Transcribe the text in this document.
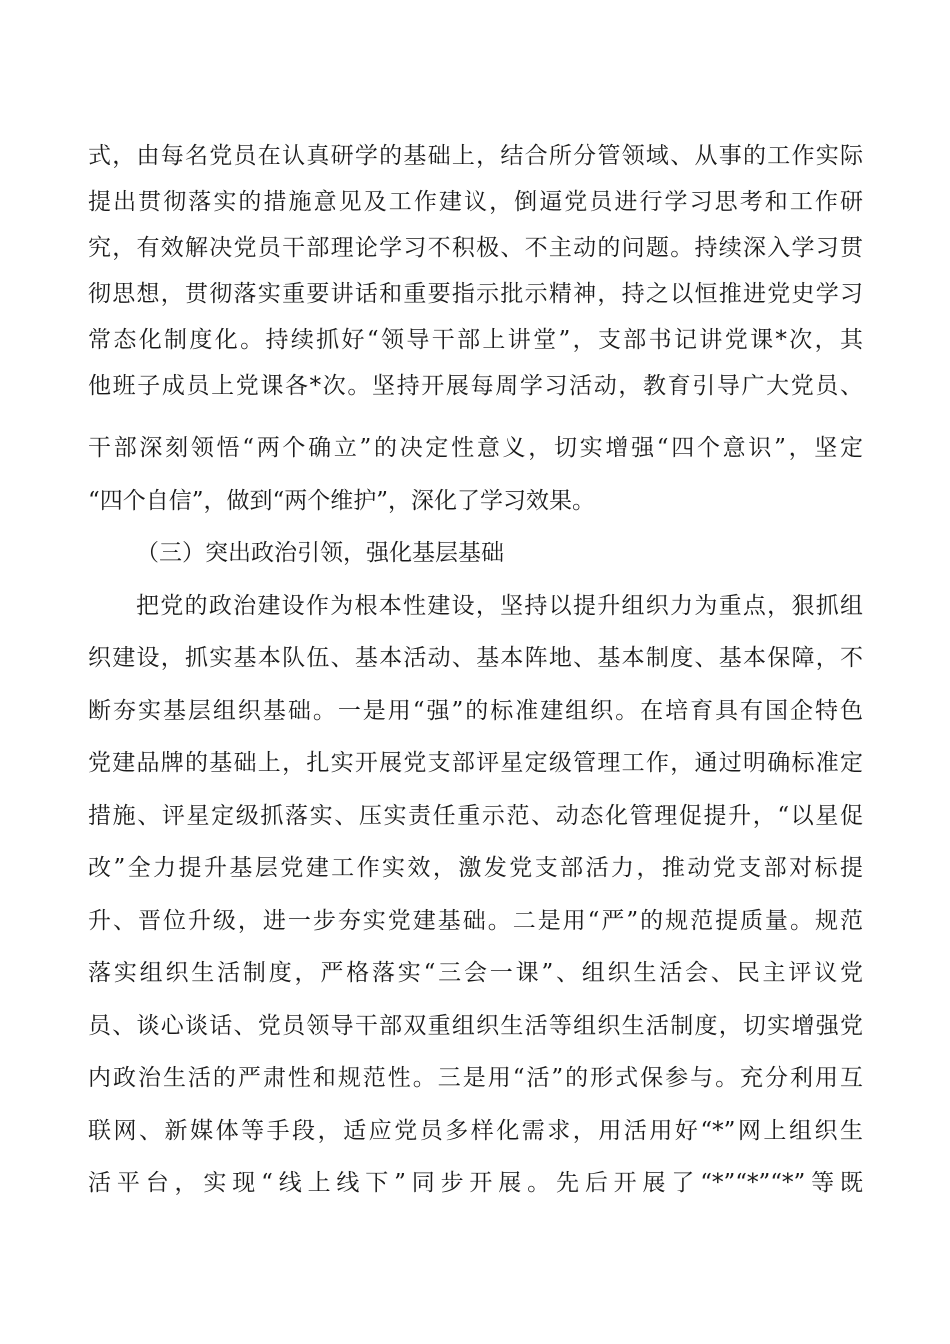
式，由每名党员在认真研学的基础上，结合所分管领域、从事的工作实际
提出贯彻落实的措施意见及工作建议，倒逼党员进行学习思考和工作研
究，有效解决党员干部理论学习不积极、不主动的问题。持续深入学习贯
彻思想，贯彻落实重要讲话和重要指示批示精神，持之以恒推进党史学习
常态化制度化。持续抓好“领导干部上讲堂”，支部书记讲党课*次，其
他班子成员上党课各*次。坚持开展每周学习活动，教育引导广大党员、
干部深刻领悟“两个确立”的决定性意义，切实增强“四个意识”，坚定
“四个自信”，做到“两个维护”，深化了学习效果。
（三）突出政治引领，强化基层基础
把党的政治建设作为根本性建设，坚持以提升组织力为重点，狠抓组
织建设，抓实基本队伍、基本活动、基本阵地、基本制度、基本保障，不
断夯实基层组织基础。一是用“强”的标准建组织。在培育具有国企特色
党建品牌的基础上，扎实开展党支部评星定级管理工作，通过明确标准定
措施、评星定级抓落实、压实责任重示范、动态化管理促提升，“以星促
改”全力提升基层党建工作实效，激发党支部活力，推动党支部对标提
升、晋位升级，进一步夯实党建基础。二是用“严”的规范提质量。规范
落实组织生活制度，严格落实“三会一课”、组织生活会、民主评议党
员、谈心谈话、党员领导干部双重组织生活等组织生活制度，切实增强党
内政治生活的严肃性和规范性。三是用“活”的形式保参与。充分利用互
联网、新媒体等手段，适应党员多样化需求，用活用好“*”网上组织生
活平台，实现“线上线下”同步开展。先后开展了“*”“*”“*”等既
